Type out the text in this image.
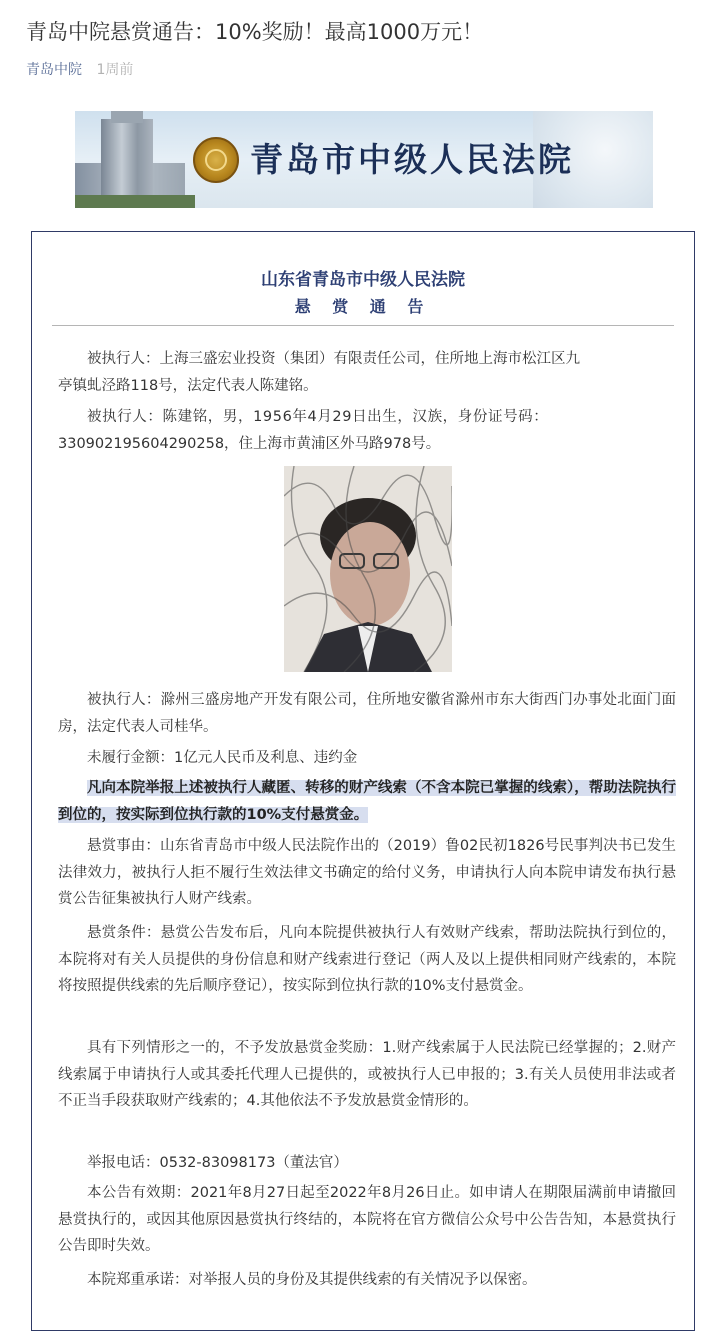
青岛中院悬赏通告：10%奖励！最高1000万元！
青岛中院 1周前
青岛市中级人民法院
山东省青岛市中级人民法院
悬 赏 通 告
被执行人：上海三盛宏业投资（集团）有限责任公司，住所地上海市松江区九
亭镇虬泾路118号，法定代表人陈建铭。
被执行人：陈建铭，男，1956年4月29日出生，汉族，身份证号码：
330902195604290258，住上海市黄浦区外马路978号。
被执行人：滁州三盛房地产开发有限公司，住所地安徽省滁州市东大街西门办事处北面门面房，法定代表人司桂华。
未履行金额：1亿元人民币及利息、违约金
凡向本院举报上述被执行人藏匿、转移的财产线索（不含本院已掌握的线索），帮助法院执行到位的，按实际到位执行款的10%支付悬赏金。
悬赏事由：山东省青岛市中级人民法院作出的（2019）鲁02民初1826号民事判决书已发生法律效力，被执行人拒不履行生效法律文书确定的给付义务，申请执行人向本院申请发布执行悬赏公告征集被执行人财产线索。
悬赏条件：悬赏公告发布后，凡向本院提供被执行人有效财产线索，帮助法院执行到位的，本院将对有关人员提供的身份信息和财产线索进行登记（两人及以上提供相同财产线索的，本院将按照提供线索的先后顺序登记），按实际到位执行款的10%支付悬赏金。
具有下列情形之一的，不予发放悬赏金奖励：1.财产线索属于人民法院已经掌握的；2.财产线索属于申请执行人或其委托代理人已提供的，或被执行人已申报的；3.有关人员使用非法或者不正当手段获取财产线索的；4.其他依法不予发放悬赏金情形的。
举报电话：0532-83098173（董法官）
本公告有效期：2021年8月27日起至2022年8月26日止。如申请人在期限届满前申请撤回悬赏执行的，或因其他原因悬赏执行终结的，本院将在官方微信公众号中公告告知，本悬赏执行公告即时失效。
本院郑重承诺：对举报人员的身份及其提供线索的有关情况予以保密。
